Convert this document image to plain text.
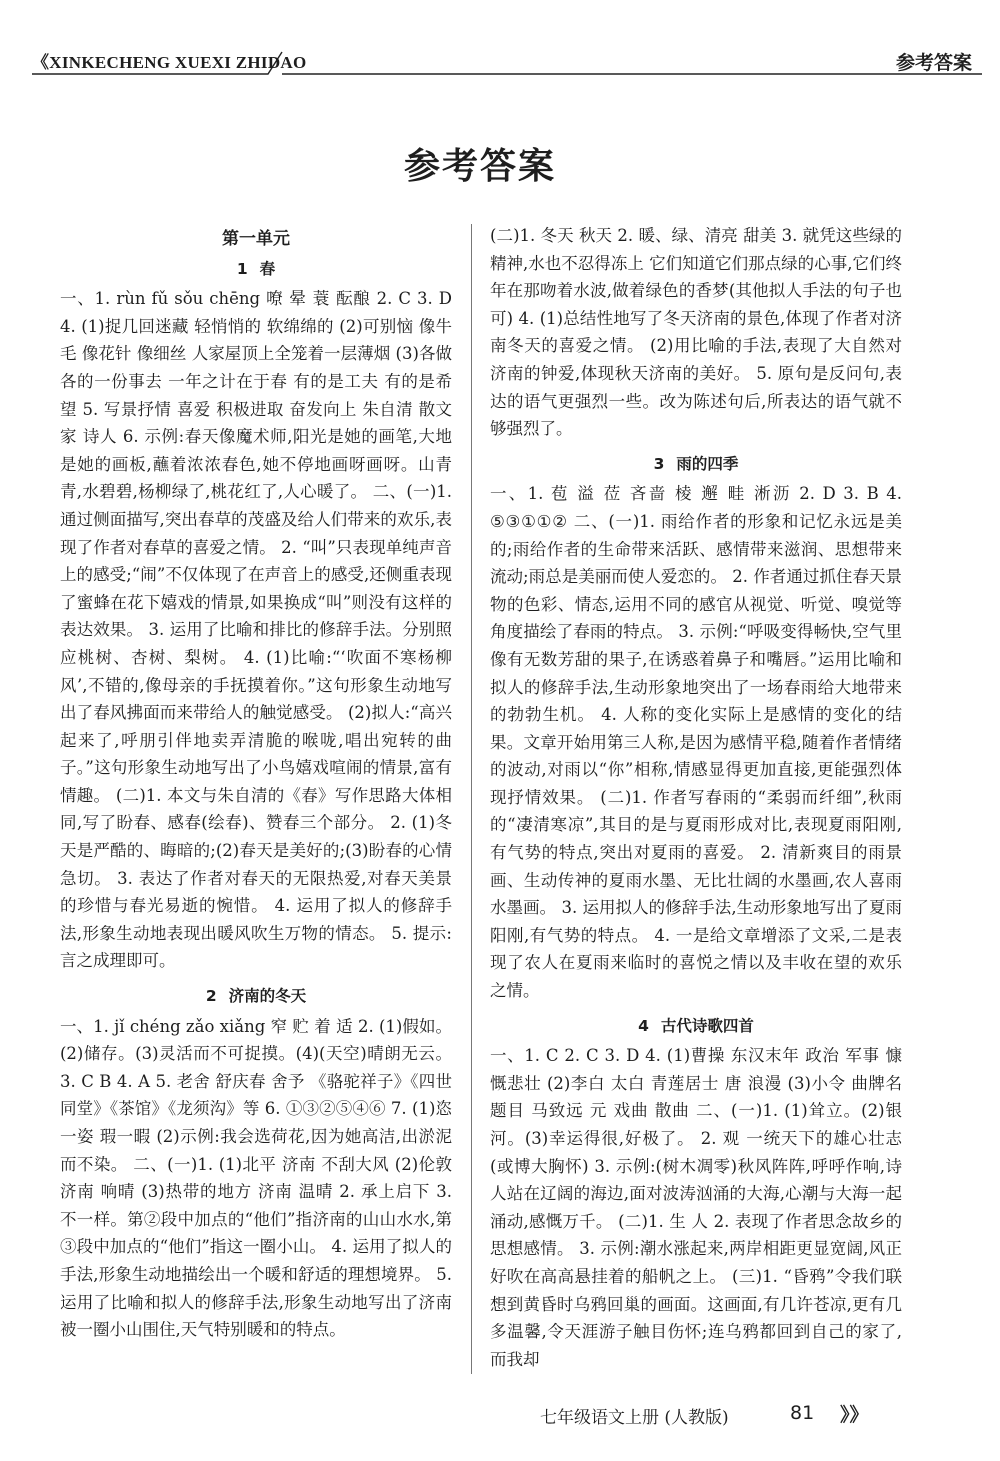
《XINKECHENG XUEXI ZHIDAO	参考答案
参考答案
第一单元
1 春

一、1. rùn fǔ sǒu chēng 嘹 晕 蓑 酝酿 2. C 3. D 4. (1)捉几回迷藏 轻悄悄的 软绵绵的 (2)可别恼 像牛毛 像花针 像细丝 人家屋顶上全笼着一层薄烟 (3)各做各的一份事去 一年之计在于春 有的是工夫 有的是希望 5. 写景抒情 喜爱 积极进取 奋发向上 朱自清 散文家 诗人 6. 示例:春天像魔术师,阳光是她的画笔,大地是她的画板,蘸着浓浓春色,她不停地画呀画呀。山青青,水碧碧,杨柳绿了,桃花红了,人心暖了。 二、(一)1. 通过侧面描写,突出春草的茂盛及给人们带来的欢乐,表现了作者对春草的喜爱之情。 2. “叫”只表现单纯声音上的感受;“闹”不仅体现了在声音上的感受,还侧重表现了蜜蜂在花下嬉戏的情景,如果换成“叫”则没有这样的表达效果。 3. 运用了比喻和排比的修辞手法。分别照应桃树、杏树、梨树。 4. (1)比喻:“‘吹面不寒杨柳风’,不错的,像母亲的手抚摸着你。”这句形象生动地写出了春风拂面而来带给人的触觉感受。 (2)拟人:“高兴起来了,呼朋引伴地卖弄清脆的喉咙,唱出宛转的曲子。”这句形象生动地写出了小鸟嬉戏喧闹的情景,富有情趣。 (二)1. 本文与朱自清的《春》写作思路大体相同,写了盼春、感春(绘春)、赞春三个部分。 2. (1)冬天是严酷的、晦暗的;(2)春天是美好的;(3)盼春的心情急切。 3. 表达了作者对春天的无限热爱,对春天美景的珍惜与春光易逝的惋惜。 4. 运用了拟人的修辞手法,形象生动地表现出暖风吹生万物的情态。 5. 提示:言之成理即可。

2 济南的冬天

一、1. jǐ chéng zǎo xiǎng 窄 贮 着 适 2. (1)假如。(2)储存。(3)灵活而不可捉摸。(4)(天空)晴朗无云。 3. C B 4. A 5. 老舍 舒庆春 舍予 《骆驼祥子》《四世同堂》《茶馆》《龙须沟》等 6. ①③②⑤④⑥ 7. (1)恣一姿 瑕一暇 (2)示例:我会选荷花,因为她高洁,出淤泥而不染。 二、(一)1. (1)北平 济南 不刮大风 (2)伦敦 济南 响晴 (3)热带的地方 济南 温晴 2. 承上启下 3. 不一样。第②段中加点的“他们”指济南的山山水水,第③段中加点的“他们”指这一圈小山。 4. 运用了拟人的手法,形象生动地描绘出一个暖和舒适的理想境界。 5. 运用了比喻和拟人的修辞手法,形象生动地写出了济南被一圈小山围住,天气特别暖和的特点。

(二)1. 冬天 秋天 2. 暖、绿、清亮 甜美 3. 就凭这些绿的精神,水也不忍得冻上 它们知道它们那点绿的心事,它们终年在那吻着水波,做着绿色的香梦(其他拟人手法的句子也可) 4. (1)总结性地写了冬天济南的景色,体现了作者对济南冬天的喜爱之情。 (2)用比喻的手法,表现了大自然对济南的钟爱,体现秋天济南的美好。 5. 原句是反问句,表达的语气更强烈一些。改为陈述句后,所表达的语气就不够强烈了。

3 雨的四季

一、1. 苞 溢 莅 吝啬 棱 邂 畦 淅沥 2. D 3. B 4. ⑤③①①② 二、(一)1. 雨给作者的形象和记忆永远是美的;雨给作者的生命带来活跃、感情带来滋润、思想带来流动;雨总是美丽而使人爱恋的。 2. 作者通过抓住春天景物的色彩、情态,运用不同的感官从视觉、听觉、嗅觉等角度描绘了春雨的特点。 3. 示例:“呼吸变得畅快,空气里像有无数芳甜的果子,在诱惑着鼻子和嘴唇。”运用比喻和拟人的修辞手法,生动形象地突出了一场春雨给大地带来的勃勃生机。 4. 人称的变化实际上是感情的变化的结果。文章开始用第三人称,是因为感情平稳,随着作者情绪的波动,对雨以“你”相称,情感显得更加直接,更能强烈体现抒情效果。 (二)1. 作者写春雨的“柔弱而纤细”,秋雨的“凄清寒凉”,其目的是与夏雨形成对比,表现夏雨阳刚,有气势的特点,突出对夏雨的喜爱。 2. 清新爽目的雨景画、生动传神的夏雨水墨、无比壮阔的水墨画,农人喜雨水墨画。 3. 运用拟人的修辞手法,生动形象地写出了夏雨阳刚,有气势的特点。 4. 一是给文章增添了文采,二是表现了农人在夏雨来临时的喜悦之情以及丰收在望的欢乐之情。

4 古代诗歌四首

一、1. C 2. C 3. D 4. (1)曹操 东汉末年 政治 军事 慷慨悲壮 (2)李白 太白 青莲居士 唐 浪漫 (3)小令 曲牌名 题目 马致远 元 戏曲 散曲 二、(一)1. (1)耸立。(2)银河。(3)幸运得很,好极了。 2. 观 一统天下的雄心壮志(或博大胸怀) 3. 示例:(树木凋零)秋风阵阵,呼呼作响,诗人站在辽阔的海边,面对波涛汹涌的大海,心潮与大海一起涌动,感慨万千。 (二)1. 生 人 2. 表现了作者思念故乡的思想感情。 3. 示例:潮水涨起来,两岸相距更显宽阔,风正好吹在高高悬挂着的船帆之上。 (三)1. “昏鸦”令我们联想到黄昏时乌鸦回巢的画面。这画面,有几许苍凉,更有几多温馨,令天涯游子触目伤怀;连乌鸦都回到自己的家了,而我却

七年级语文上册 (人教版)	81 》》
